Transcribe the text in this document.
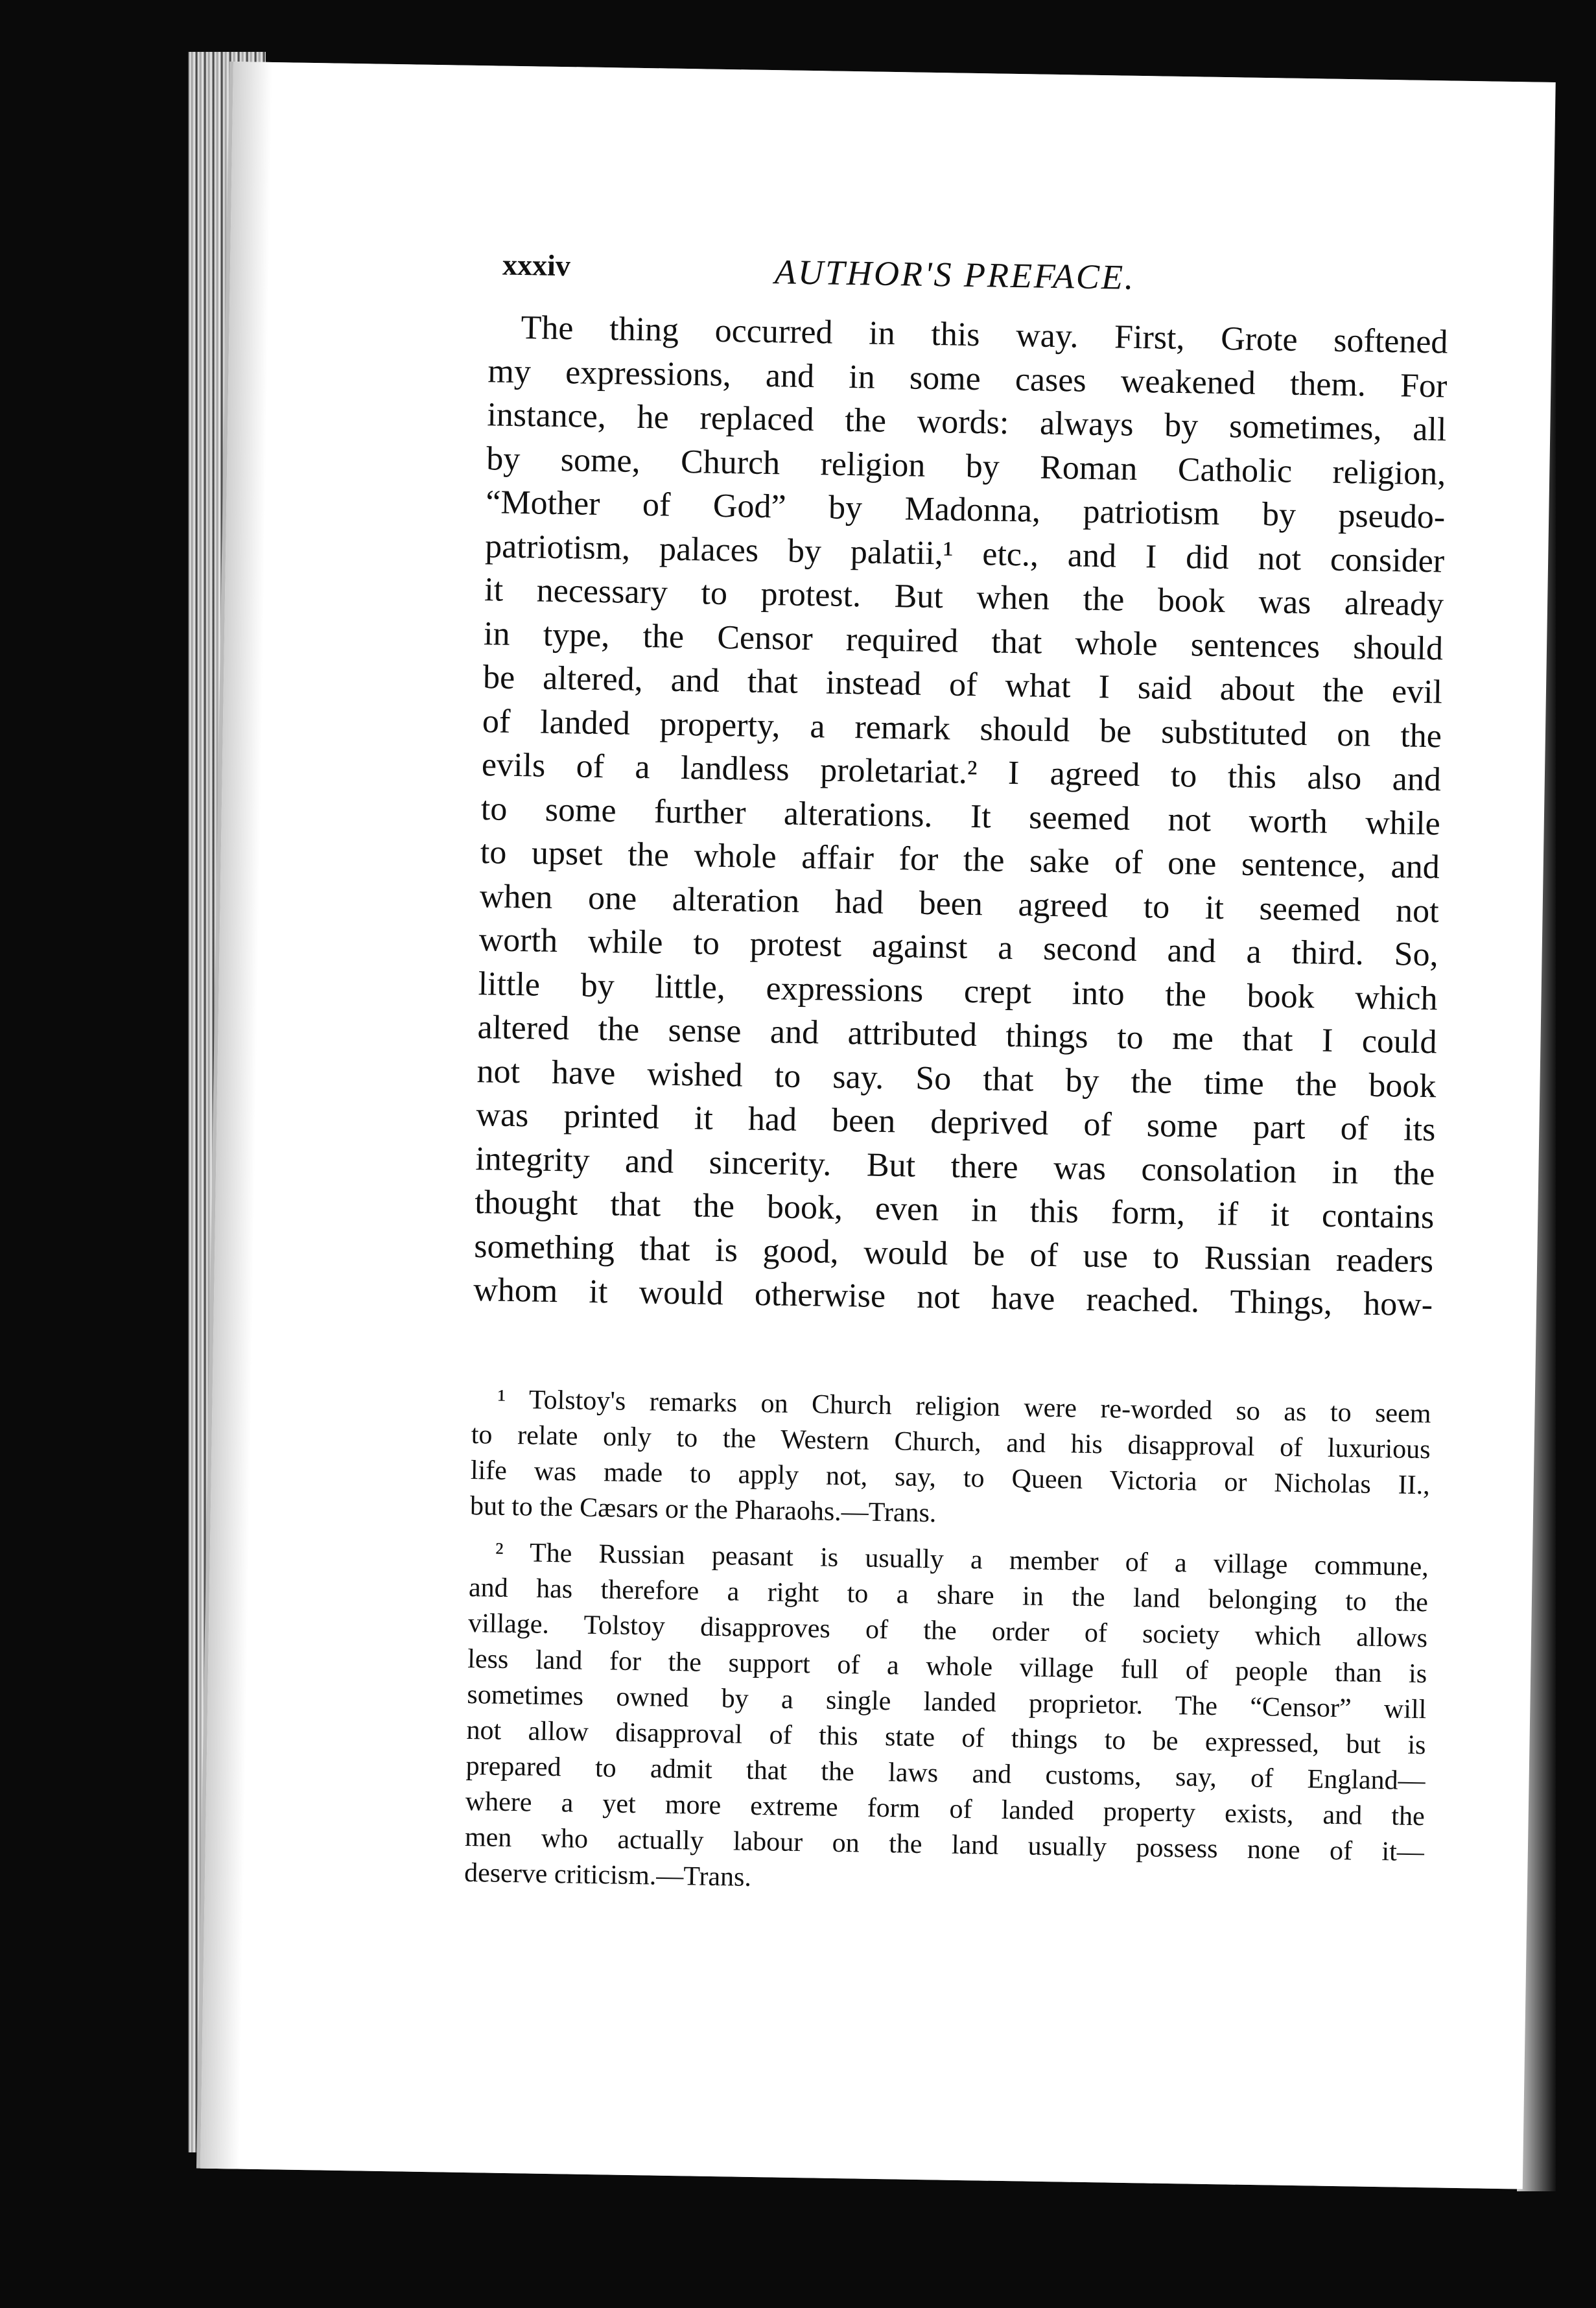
xxxiv	AUTHOR'S PREFACE.
The thing occurred in this way. First, Grote softened
my expressions, and in some cases weakened them. For
instance, he replaced the words: always by sometimes, all
by some, Church religion by Roman Catholic religion,
“Mother of God” by Madonna, patriotism by pseudo-
patriotism, palaces by palatii,¹ etc., and I did not consider
it necessary to protest. But when the book was already
in type, the Censor required that whole sentences should
be altered, and that instead of what I said about the evil
of landed property, a remark should be substituted on the
evils of a landless proletariat.² I agreed to this also and
to some further alterations. It seemed not worth while
to upset the whole affair for the sake of one sentence, and
when one alteration had been agreed to it seemed not
worth while to protest against a second and a third. So,
little by little, expressions crept into the book which
altered the sense and attributed things to me that I could
not have wished to say. So that by the time the book
was printed it had been deprived of some part of its
integrity and sincerity. But there was consolation in the
thought that the book, even in this form, if it contains
something that is good, would be of use to Russian readers
whom it would otherwise not have reached. Things, how-
¹ Tolstoy's remarks on Church religion were re-worded so as to seem
to relate only to the Western Church, and his disapproval of luxurious
life was made to apply not, say, to Queen Victoria or Nicholas II.,
but to the Cæsars or the Pharaohs.—Trans.
² The Russian peasant is usually a member of a village commune,
and has therefore a right to a share in the land belonging to the
village. Tolstoy disapproves of the order of society which allows
less land for the support of a whole village full of people than is
sometimes owned by a single landed proprietor. The “Censor” will
not allow disapproval of this state of things to be expressed, but is
prepared to admit that the laws and customs, say, of England—
where a yet more extreme form of landed property exists, and the
men who actually labour on the land usually possess none of it—
deserve criticism.—Trans.
